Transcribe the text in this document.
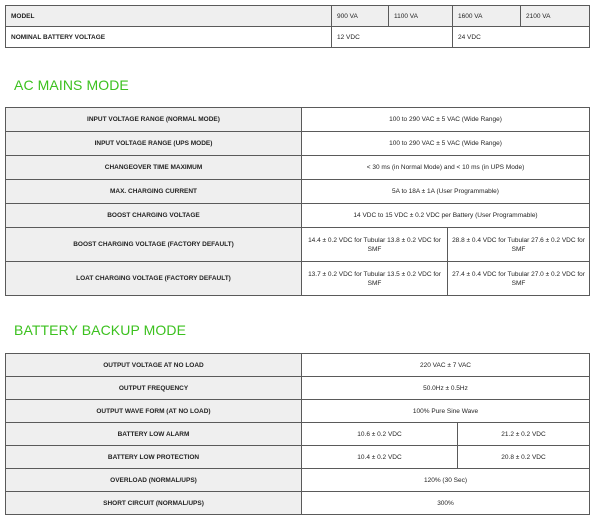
MODEL	900 VA	1100 VA	1600 VA	2100 VA
NOMINAL BATTERY VOLTAGE	12 VDC		24 VDC	
AC MAINS MODE
INPUT VOLTAGE RANGE (NORMAL MODE)	100 to 290 VAC ± 5 VAC (Wide Range)	
INPUT VOLTAGE RANGE (UPS MODE)	100 to 290 VAC ± 5 VAC (Wide Range)	
CHANGEOVER TIME MAXIMUM	< 30 ms (in Normal Mode) and < 10 ms (in UPS Mode)	
MAX. CHARGING CURRENT	5A to 18A ± 1A (User Programmable)	
BOOST CHARGING VOLTAGE	14 VDC to 15 VDC ± 0.2 VDC per Battery (User Programmable)	
BOOST CHARGING VOLTAGE (FACTORY DEFAULT)	14.4 ± 0.2 VDC for Tubular 13.8 ± 0.2 VDC for SMF	28.8 ± 0.4 VDC for Tubular 27.6 ± 0.2 VDC for SMF
LOAT CHARGING VOLTAGE (FACTORY DEFAULT)	13.7 ± 0.2 VDC for Tubular 13.5 ± 0.2 VDC for SMF	27.4 ± 0.4 VDC for Tubular 27.0 ± 0.2 VDC for SMF
BATTERY BACKUP MODE
OUTPUT VOLTAGE AT NO LOAD	220 VAC ± 7 VAC	
OUTPUT FREQUENCY	50.0Hz ± 0.5Hz	
OUTPUT WAVE FORM (AT NO LOAD)	100% Pure Sine Wave	
BATTERY LOW ALARM	10.6 ± 0.2 VDC	21.2 ± 0.2 VDC
BATTERY LOW PROTECTION	10.4 ± 0.2 VDC	20.8 ± 0.2 VDC
OVERLOAD (NORMAL/UPS)	120% (30 Sec)	
SHORT CIRCUIT (NORMAL/UPS)	300%	
